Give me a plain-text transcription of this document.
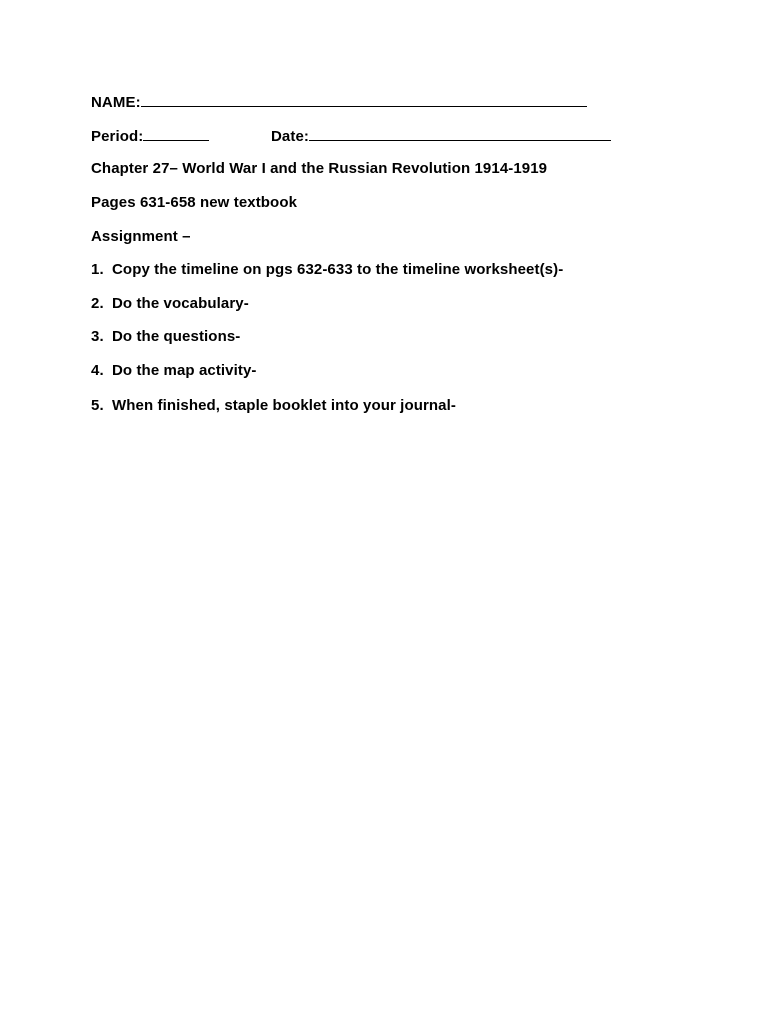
NAME:
Period:	Date:
Chapter 27– World War I and the Russian Revolution 1914-1919
Pages 631-658 new textbook
Assignment –
1. Copy the timeline on pgs 632-633 to the timeline worksheet(s)-
2. Do the vocabulary-
3. Do the questions-
4. Do the map activity-
5. When finished, staple booklet into your journal-
